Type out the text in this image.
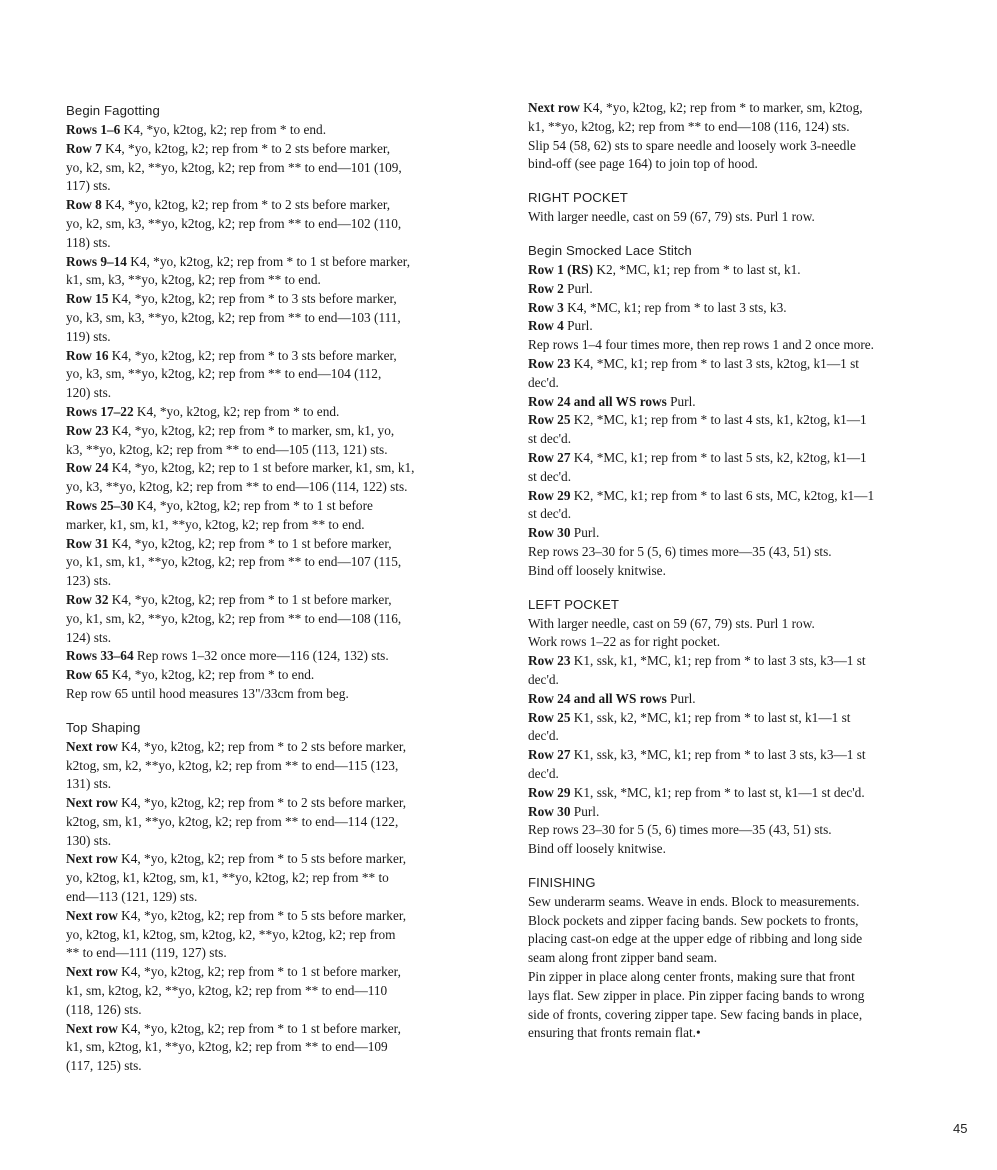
Begin Fagotting
Rows 1–6 K4, *yo, k2tog, k2; rep from * to end.
Row 7 K4, *yo, k2tog, k2; rep from * to 2 sts before marker,
yo, k2, sm, k2, **yo, k2tog, k2; rep from ** to end—101 (109,
117) sts.
Row 8 K4, *yo, k2tog, k2; rep from * to 2 sts before marker,
yo, k2, sm, k3, **yo, k2tog, k2; rep from ** to end—102 (110,
118) sts.
Rows 9–14 K4, *yo, k2tog, k2; rep from * to 1 st before marker,
k1, sm, k3, **yo, k2tog, k2; rep from ** to end.
Row 15 K4, *yo, k2tog, k2; rep from * to 3 sts before marker,
yo, k3, sm, k3, **yo, k2tog, k2; rep from ** to end—103 (111,
119) sts.
Row 16 K4, *yo, k2tog, k2; rep from * to 3 sts before marker,
yo, k3, sm, **yo, k2tog, k2; rep from ** to end—104 (112,
120) sts.
Rows 17–22 K4, *yo, k2tog, k2; rep from * to end.
Row 23 K4, *yo, k2tog, k2; rep from * to marker, sm, k1, yo,
k3, **yo, k2tog, k2; rep from ** to end—105 (113, 121) sts.
Row 24 K4, *yo, k2tog, k2; rep to 1 st before marker, k1, sm, k1,
yo, k3, **yo, k2tog, k2; rep from ** to end—106 (114, 122) sts.
Rows 25–30 K4, *yo, k2tog, k2; rep from * to 1 st before
marker, k1, sm, k1, **yo, k2tog, k2; rep from ** to end.
Row 31 K4, *yo, k2tog, k2; rep from * to 1 st before marker,
yo, k1, sm, k1, **yo, k2tog, k2; rep from ** to end—107 (115,
123) sts.
Row 32 K4, *yo, k2tog, k2; rep from * to 1 st before marker,
yo, k1, sm, k2, **yo, k2tog, k2; rep from ** to end—108 (116,
124) sts.
Rows 33–64 Rep rows 1–32 once more—116 (124, 132) sts.
Row 65 K4, *yo, k2tog, k2; rep from * to end.
Rep row 65 until hood measures 13"/33cm from beg.
Top Shaping
Next row K4, *yo, k2tog, k2; rep from * to 2 sts before marker,
k2tog, sm, k2, **yo, k2tog, k2; rep from ** to end—115 (123,
131) sts.
Next row K4, *yo, k2tog, k2; rep from * to 2 sts before marker,
k2tog, sm, k1, **yo, k2tog, k2; rep from ** to end—114 (122,
130) sts.
Next row K4, *yo, k2tog, k2; rep from * to 5 sts before marker,
yo, k2tog, k1, k2tog, sm, k1, **yo, k2tog, k2; rep from ** to
end—113 (121, 129) sts.
Next row K4, *yo, k2tog, k2; rep from * to 5 sts before marker,
yo, k2tog, k1, k2tog, sm, k2tog, k2, **yo, k2tog, k2; rep from
** to end—111 (119, 127) sts.
Next row K4, *yo, k2tog, k2; rep from * to 1 st before marker,
k1, sm, k2tog, k2, **yo, k2tog, k2; rep from ** to end—110
(118, 126) sts.
Next row K4, *yo, k2tog, k2; rep from * to 1 st before marker,
k1, sm, k2tog, k1, **yo, k2tog, k2; rep from ** to end—109
(117, 125) sts.
Next row K4, *yo, k2tog, k2; rep from * to marker, sm, k2tog,
k1, **yo, k2tog, k2; rep from ** to end—108 (116, 124) sts.
Slip 54 (58, 62) sts to spare needle and loosely work 3-needle
bind-off (see page 164) to join top of hood.
RIGHT POCKET
With larger needle, cast on 59 (67, 79) sts. Purl 1 row.
Begin Smocked Lace Stitch
Row 1 (RS) K2, *MC, k1; rep from * to last st, k1.
Row 2 Purl.
Row 3 K4, *MC, k1; rep from * to last 3 sts, k3.
Row 4 Purl.
Rep rows 1–4 four times more, then rep rows 1 and 2 once more.
Row 23 K4, *MC, k1; rep from * to last 3 sts, k2tog, k1—1 st
dec'd.
Row 24 and all WS rows Purl.
Row 25 K2, *MC, k1; rep from * to last 4 sts, k1, k2tog, k1—1
st dec'd.
Row 27 K4, *MC, k1; rep from * to last 5 sts, k2, k2tog, k1—1
st dec'd.
Row 29 K2, *MC, k1; rep from * to last 6 sts, MC, k2tog, k1—1
st dec'd.
Row 30 Purl.
Rep rows 23–30 for 5 (5, 6) times more—35 (43, 51) sts.
Bind off loosely knitwise.
LEFT POCKET
With larger needle, cast on 59 (67, 79) sts. Purl 1 row.
Work rows 1–22 as for right pocket.
Row 23 K1, ssk, k1, *MC, k1; rep from * to last 3 sts, k3—1 st
dec'd.
Row 24 and all WS rows Purl.
Row 25 K1, ssk, k2, *MC, k1; rep from * to last st, k1—1 st
dec'd.
Row 27 K1, ssk, k3, *MC, k1; rep from * to last 3 sts, k3—1 st
dec'd.
Row 29 K1, ssk, *MC, k1; rep from * to last st, k1—1 st dec'd.
Row 30 Purl.
Rep rows 23–30 for 5 (5, 6) times more—35 (43, 51) sts.
Bind off loosely knitwise.
FINISHING
Sew underarm seams. Weave in ends. Block to measurements.
Block pockets and zipper facing bands. Sew pockets to fronts,
placing cast-on edge at the upper edge of ribbing and long side
seam along front zipper band seam.
Pin zipper in place along center fronts, making sure that front
lays flat. Sew zipper in place. Pin zipper facing bands to wrong
side of fronts, covering zipper tape. Sew facing bands in place,
ensuring that fronts remain flat.•
45
